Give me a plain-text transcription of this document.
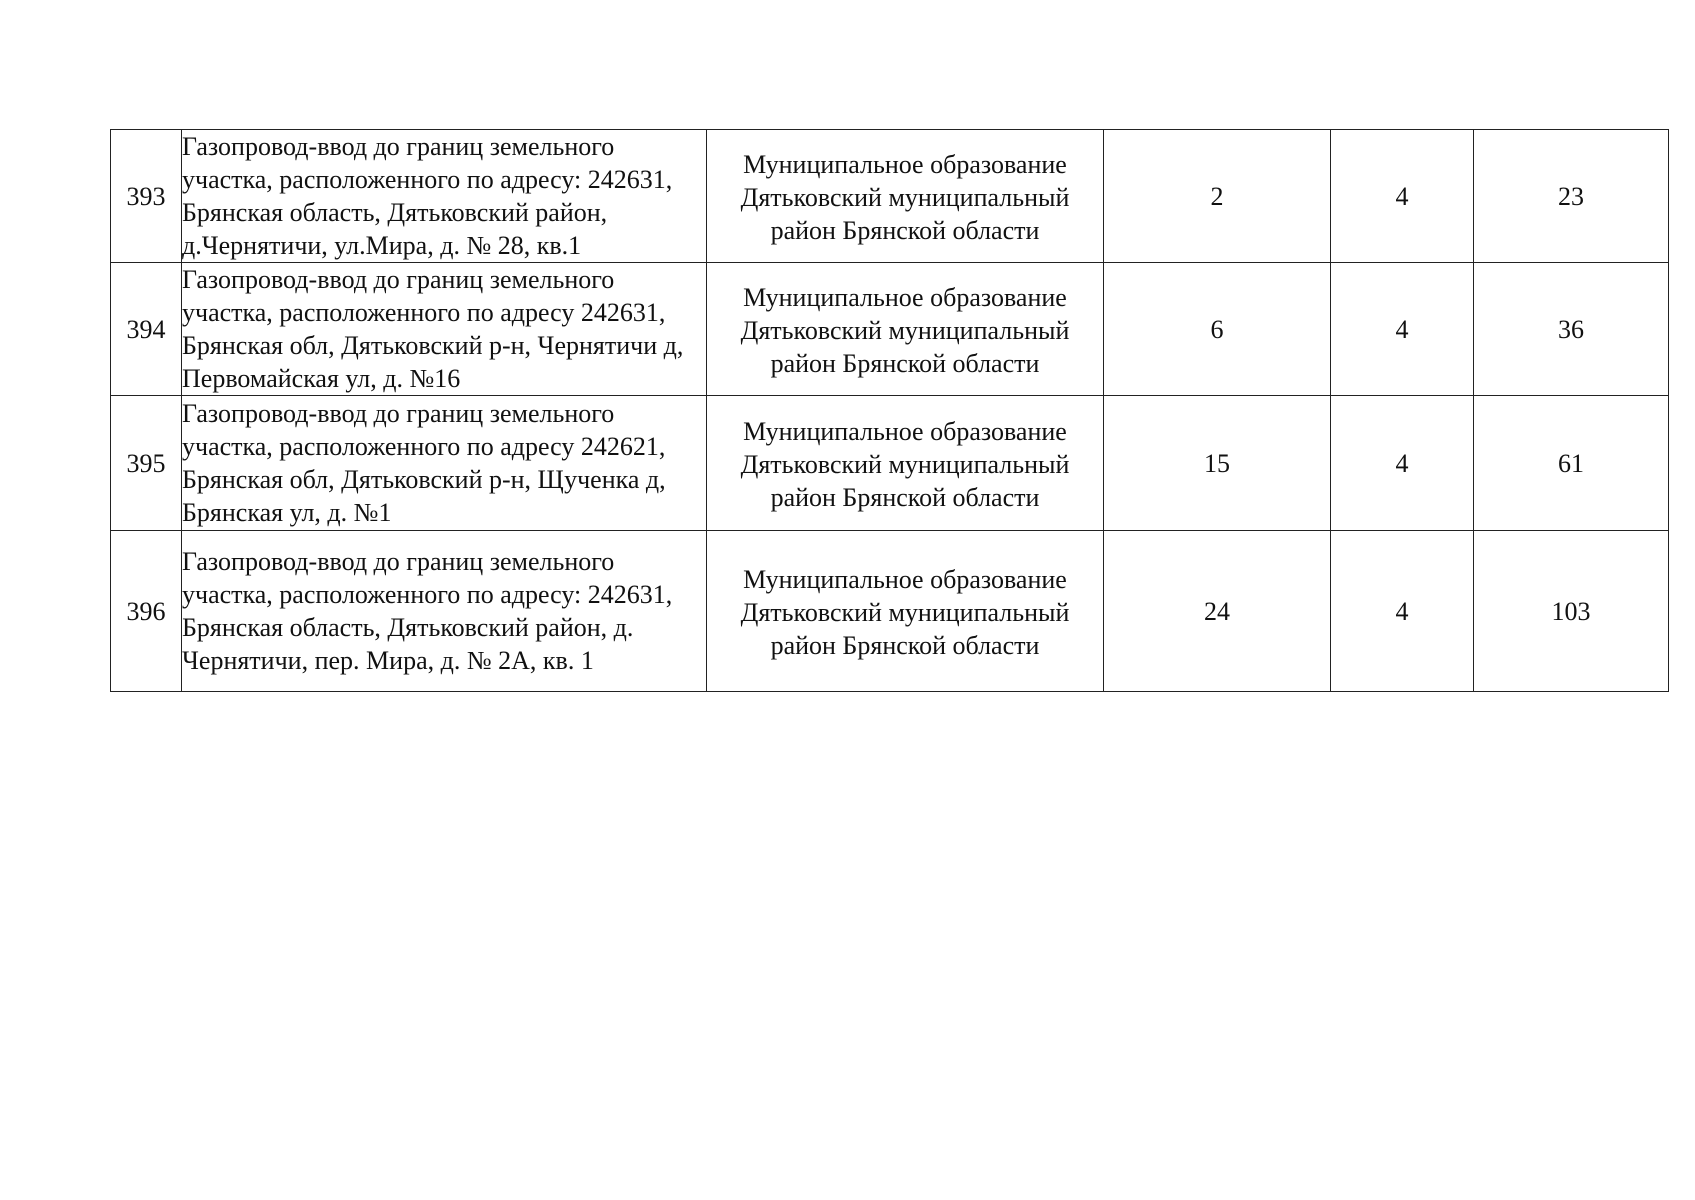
393	Газопровод-ввод до границ земельного участка, расположенного по адресу: 242631, Брянская область, Дятьковский район, д.Чернятичи, ул.Мира, д. № 28, кв.1	Муниципальное образование Дятьковский муниципальный район Брянской области	2	4	23
394	Газопровод-ввод до границ земельного участка, расположенного по адресу 242631, Брянская обл, Дятьковский р-н, Чернятичи д, Первомайская ул, д. №16	Муниципальное образование Дятьковский муниципальный район Брянской области	6	4	36
395	Газопровод-ввод до границ земельного участка, расположенного по адресу 242621, Брянская обл, Дятьковский р-н, Щученка д, Брянская ул, д. №1	Муниципальное образование Дятьковский муниципальный район Брянской области	15	4	61
396	Газопровод-ввод до границ земельного участка, расположенного по адресу: 242631, Брянская область, Дятьковский район, д. Чернятичи, пер. Мира, д. № 2А, кв. 1	Муниципальное образование Дятьковский муниципальный район Брянской области	24	4	103
